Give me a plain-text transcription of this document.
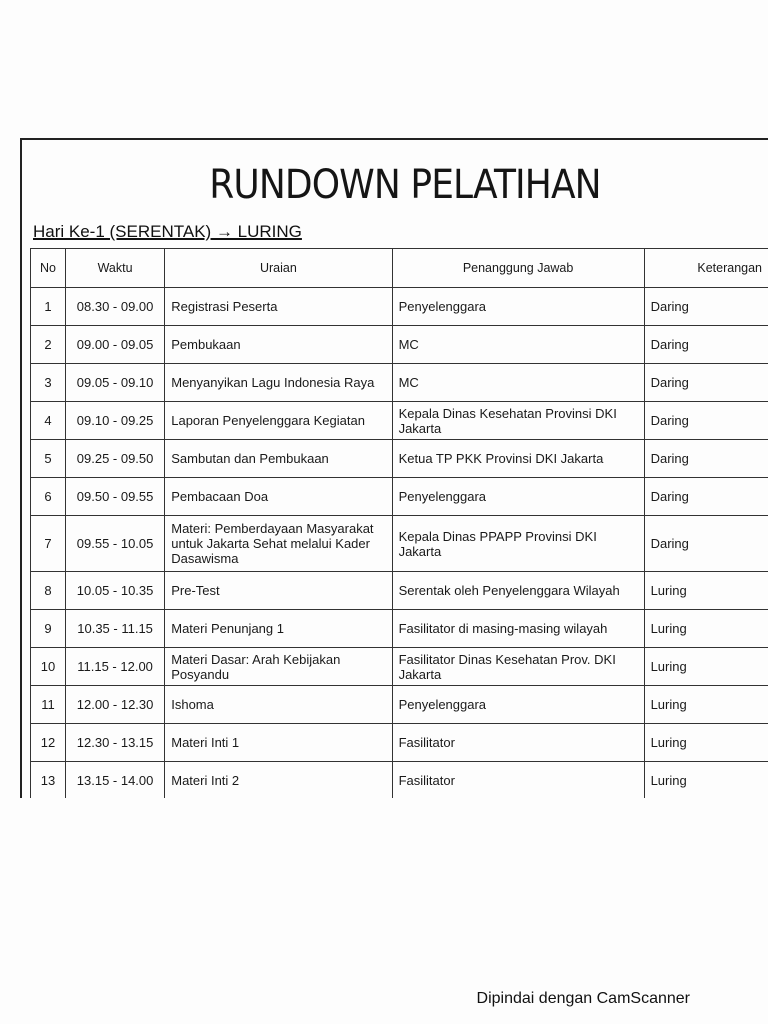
RUNDOWN PELATIHAN
Hari Ke-1 (SERENTAK) → LURING
No	Waktu	Uraian	Penanggung Jawab	Keterangan
1	08.30 - 09.00	Registrasi Peserta	Penyelenggara	Daring
2	09.00 - 09.05	Pembukaan	MC	Daring
3	09.05 - 09.10	Menyanyikan Lagu Indonesia Raya	MC	Daring
4	09.10 - 09.25	Laporan Penyelenggara Kegiatan	Kepala Dinas Kesehatan Provinsi DKI Jakarta	Daring
5	09.25 - 09.50	Sambutan dan Pembukaan	Ketua TP PKK Provinsi DKI Jakarta	Daring
6	09.50 - 09.55	Pembacaan Doa	Penyelenggara	Daring
7	09.55 - 10.05	Materi: Pemberdayaan Masyarakat untuk Jakarta Sehat melalui Kader Dasawisma	Kepala Dinas PPAPP Provinsi DKI Jakarta	Daring
8	10.05 - 10.35	Pre-Test	Serentak oleh Penyelenggara Wilayah	Luring
9	10.35 - 11.15	Materi Penunjang 1	Fasilitator di masing-masing wilayah	Luring
10	11.15 - 12.00	Materi Dasar: Arah Kebijakan Posyandu	Fasilitator Dinas Kesehatan Prov. DKI Jakarta	Luring
11	12.00 - 12.30	Ishoma	Penyelenggara	Luring
12	12.30 - 13.15	Materi Inti 1	Fasilitator	Luring
13	13.15 - 14.00	Materi Inti 2	Fasilitator	Luring
Dipindai dengan CamScanner
